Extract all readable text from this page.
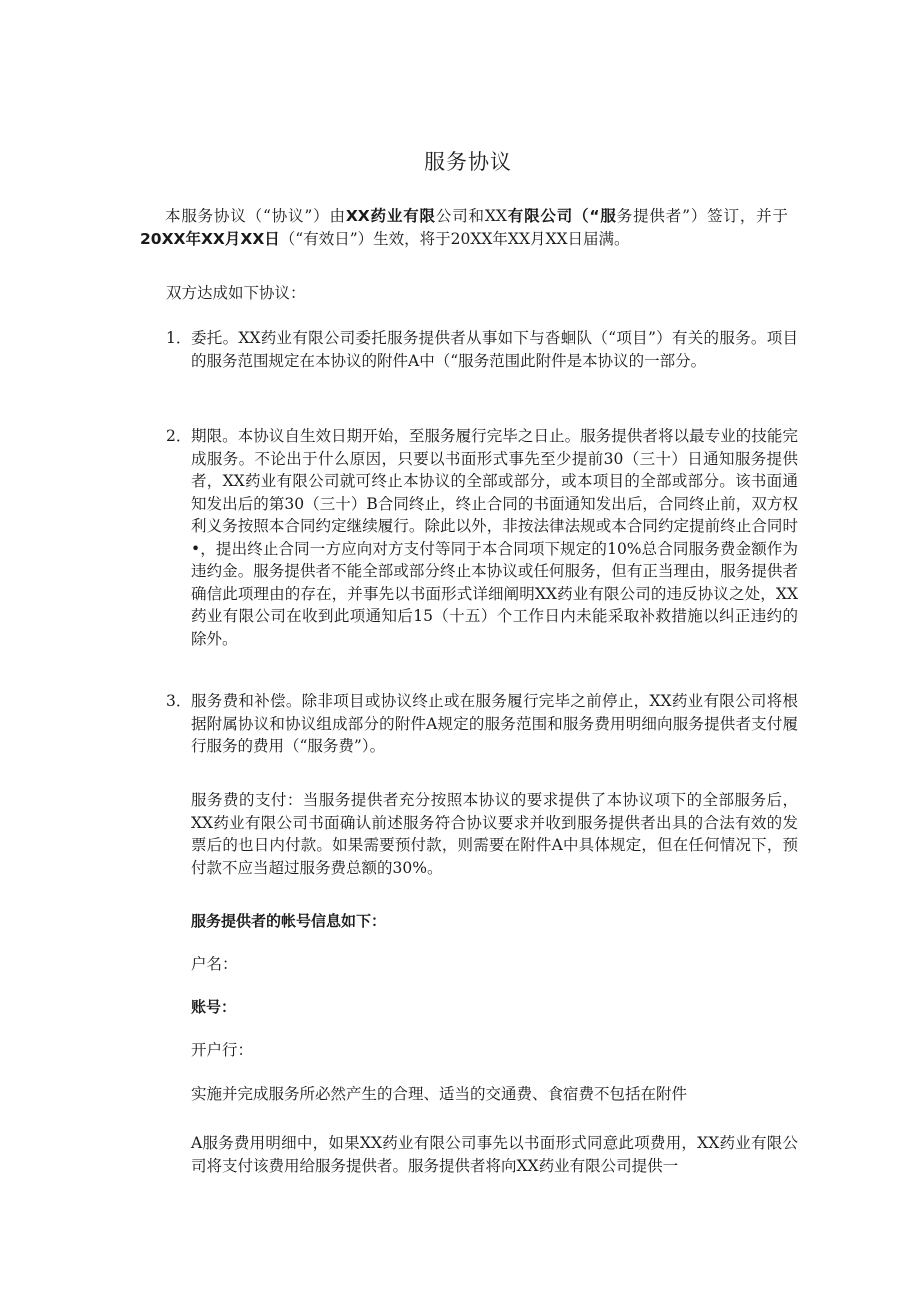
服务协议

本服务协议（“协议”）由XX药业有限公司和XX有限公司（“服务提供者”）签订，并于20XX年XX月XX日（“有效日”）生效，将于20XX年XX月XX日届满。

双方达成如下协议：

1． 委托。XX药业有限公司委托服务提供者从事如下与沓蛔队（“项目”）有关的服务。项目的服务范围规定在本协议的附件A中（“服务范围此附件是本协议的一部分。
2． 期限。本协议自生效日期开始，至服务履行完毕之日止。服务提供者将以最专业的技能完成服务。不论出于什么原因，只要以书面形式事先至少提前30（三十）日通知服务提供者，XX药业有限公司就可终止本协议的全部或部分，或本项目的全部或部分。该书面通知发出后的第30（三十）B合同终止，终止合同的书面通知发出后，合同终止前，双方权利义务按照本合同约定继续履行。除此以外，非按法律法规或本合同约定提前终止合同时•，提出终止合同一方应向对方支付等同于本合同项下规定的10%总合同服务费金额作为违约金。服务提供者不能全部或部分终止本协议或任何服务，但有正当理由，服务提供者确信此项理由的存在，并事先以书面形式详细阐明XX药业有限公司的违反协议之处，XX药业有限公司在收到此项通知后15（十五）个工作日内未能采取补救措施以纠正违约的除外。
3． 服务费和补偿。除非项目或协议终止或在服务履行完毕之前停止，XX药业有限公司将根据附属协议和协议组成部分的附件A规定的服务范围和服务费用明细向服务提供者支付履行服务的费用（“服务费”）。

服务费的支付：当服务提供者充分按照本协议的要求提供了本协议项下的全部服务后，XX药业有限公司书面确认前述服务符合协议要求并收到服务提供者出具的合法有效的发票后的也日内付款。如果需要预付款，则需要在附件A中具体规定，但在任何情况下，预付款不应当超过服务费总额的30%。

服务提供者的帐号信息如下：

户名：

账号：

开户行：

实施并完成服务所必然产生的合理、适当的交通费、食宿费不包括在附件

A服务费用明细中，如果XX药业有限公司事先以书面形式同意此项费用，XX药业有限公司将支付该费用给服务提供者。服务提供者将向XX药业有限公司提供一
